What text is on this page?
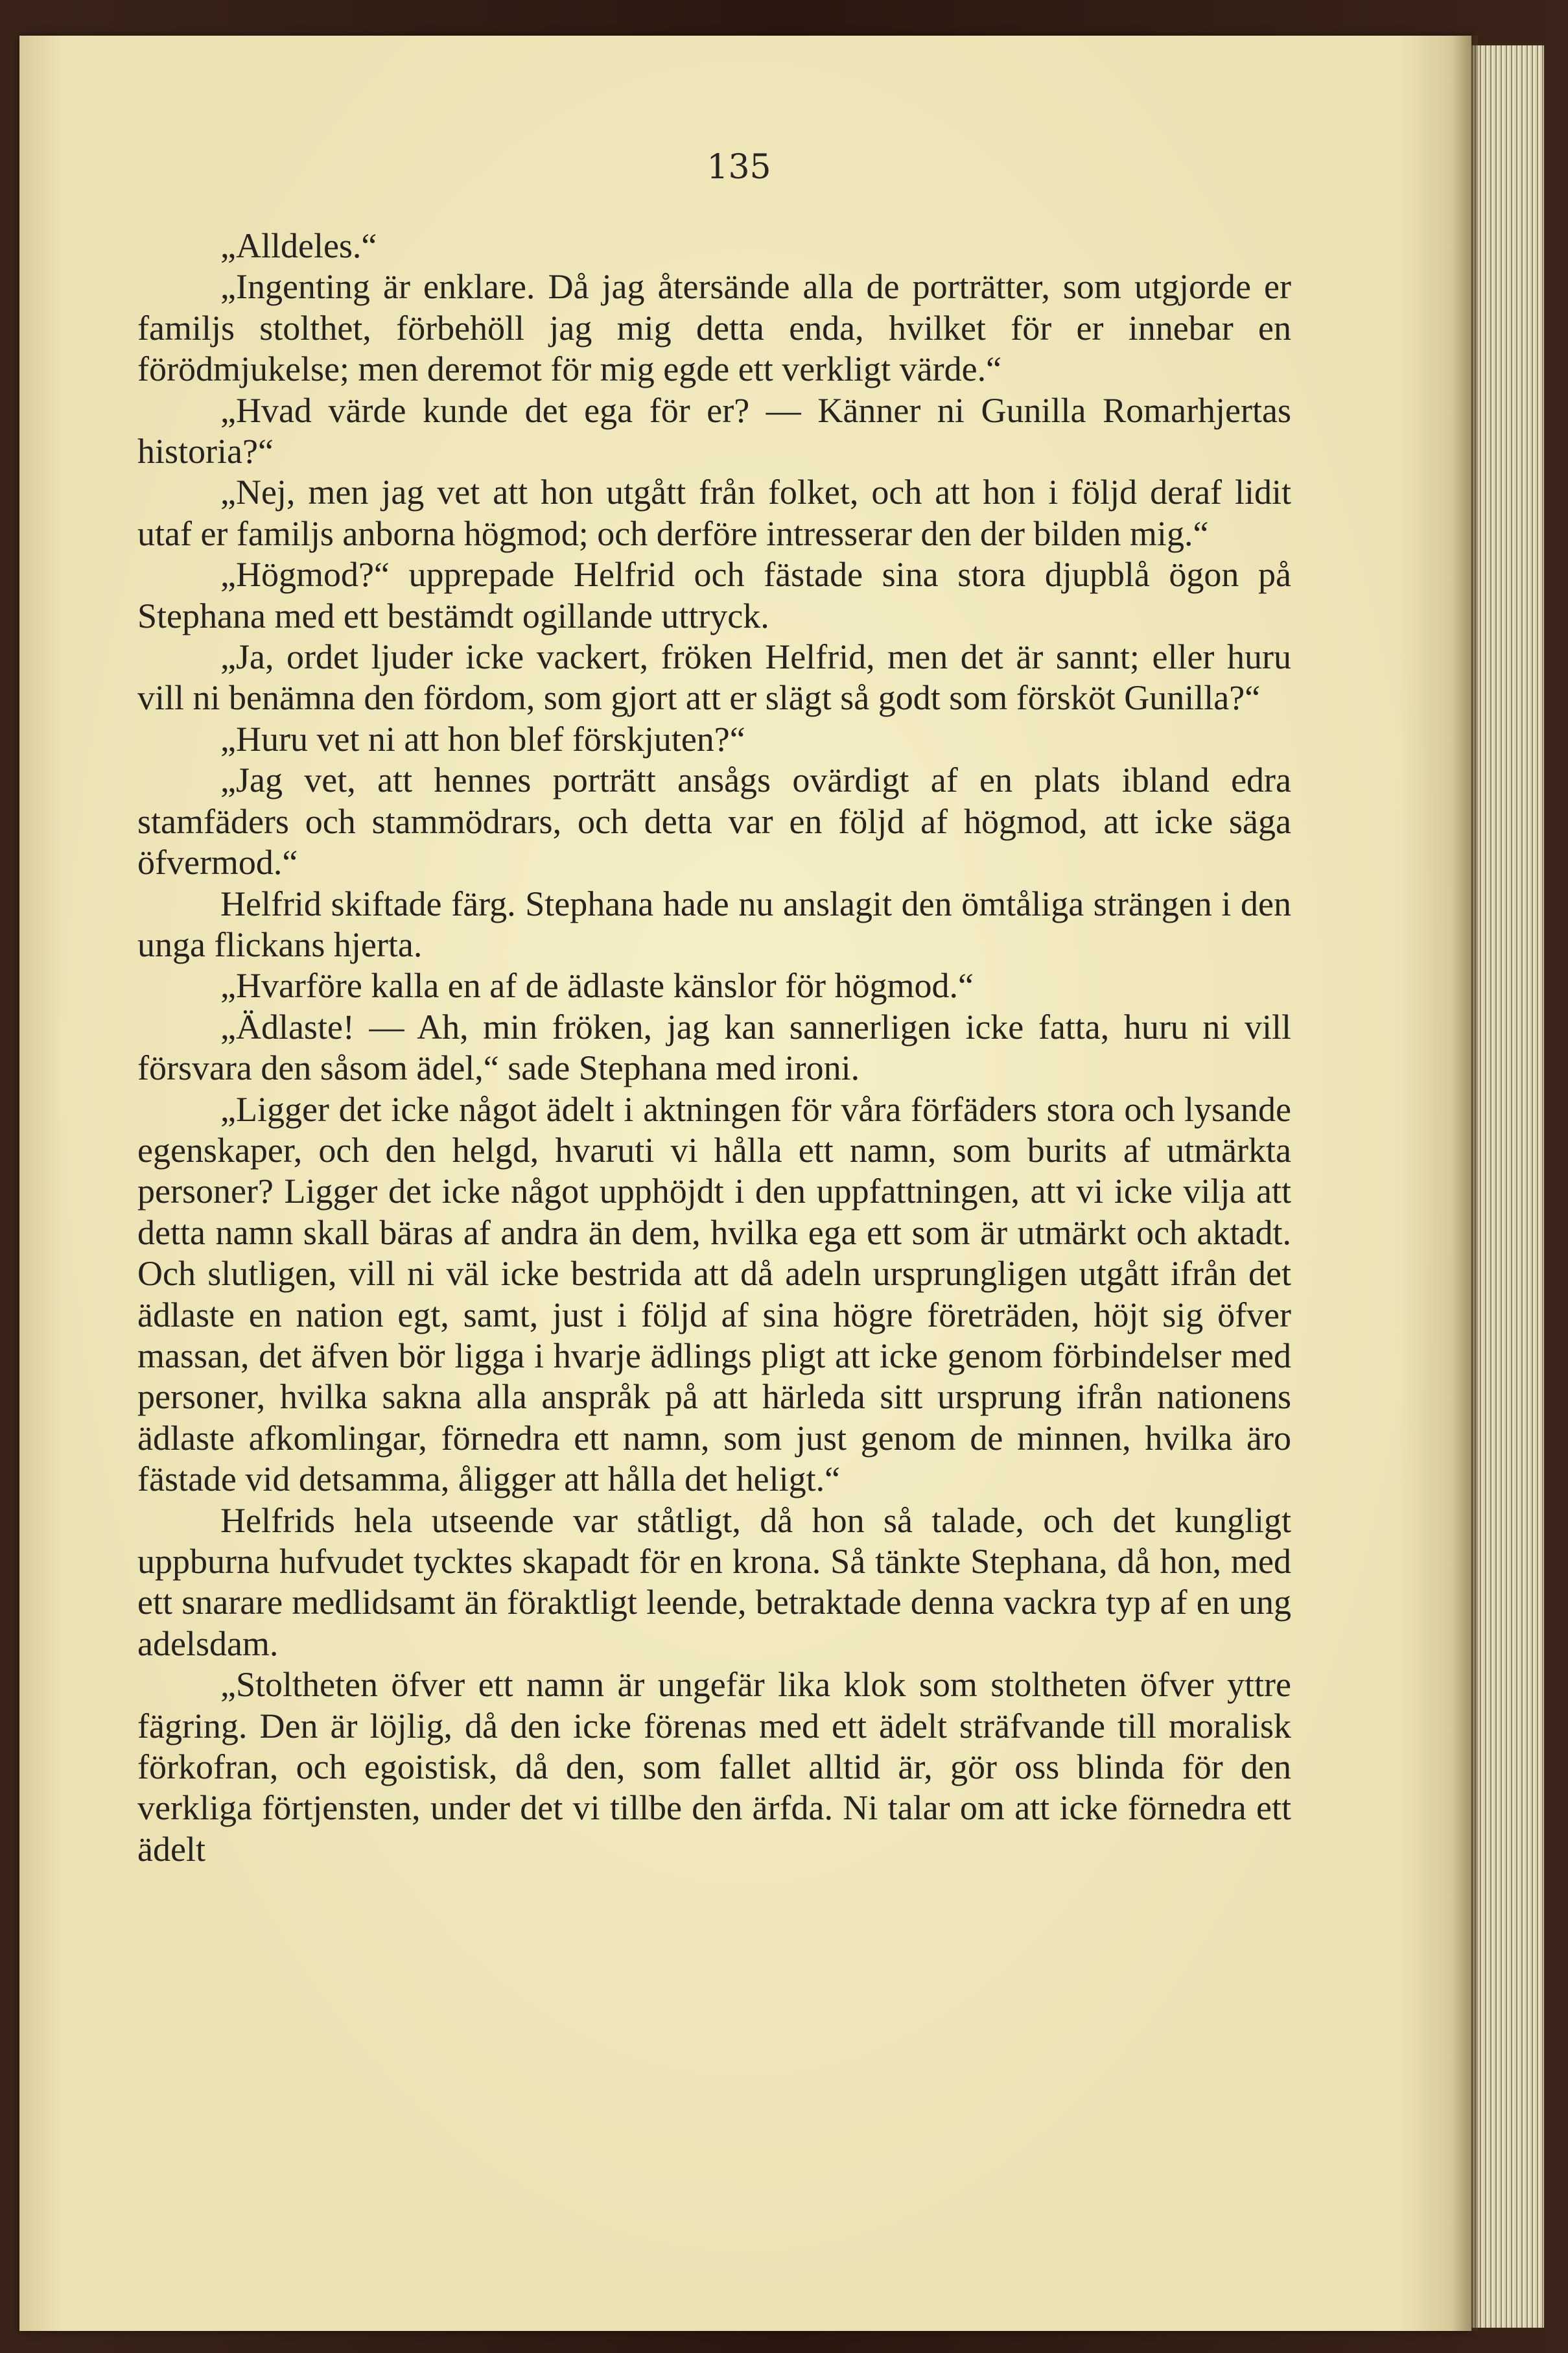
135

„Alldeles.“

„Ingenting är enklare. Då jag återsände alla de porträtter, som utgjorde er familjs stolthet, förbehöll jag mig detta enda, hvilket för er innebar en förödmjukelse; men deremot för mig egde ett verkligt värde.“

„Hvad värde kunde det ega för er? — Känner ni Gunilla Romarhjertas historia?“

„Nej, men jag vet att hon utgått från folket, och att hon i följd deraf lidit utaf er familjs anborna högmod; och derföre intresserar den der bilden mig.“

„Högmod?“ upprepade Helfrid och fästade sina stora djupblå ögon på Stephana med ett bestämdt ogillande uttryck.

„Ja, ordet ljuder icke vackert, fröken Helfrid, men det är sannt; eller huru vill ni benämna den fördom, som gjort att er slägt så godt som försköt Gunilla?“

„Huru vet ni att hon blef förskjuten?“

„Jag vet, att hennes porträtt ansågs ovärdigt af en plats ibland edra stamfäders och stammödrars, och detta var en följd af högmod, att icke säga öfvermod.“

Helfrid skiftade färg. Stephana hade nu anslagit den ömtåliga strängen i den unga flickans hjerta.

„Hvarföre kalla en af de ädlaste känslor för högmod.“

„Ädlaste! — Ah, min fröken, jag kan sannerligen icke fatta, huru ni vill försvara den såsom ädel,“ sade Stephana med ironi.

„Ligger det icke något ädelt i aktningen för våra förfäders stora och lysande egenskaper, och den helgd, hvaruti vi hålla ett namn, som burits af utmärkta personer? Ligger det icke något upphöjdt i den uppfattningen, att vi icke vilja att detta namn skall bäras af andra än dem, hvilka ega ett som är utmärkt och aktadt. Och slutligen, vill ni väl icke bestrida att då adeln ursprungligen utgått ifrån det ädlaste en nation egt, samt, just i följd af sina högre företräden, höjt sig öfver massan, det äfven bör ligga i hvarje ädlings pligt att icke genom förbindelser med personer, hvilka sakna alla anspråk på att härleda sitt ursprung ifrån nationens ädlaste afkomlingar, förnedra ett namn, som just genom de minnen, hvilka äro fästade vid detsamma, åligger att hålla det heligt.“

Helfrids hela utseende var ståtligt, då hon så talade, och det kungligt uppburna hufvudet tycktes skapadt för en krona. Så tänkte Stephana, då hon, med ett snarare medlidsamt än föraktligt leende, betraktade denna vackra typ af en ung adelsdam.

„Stoltheten öfver ett namn är ungefär lika klok som stoltheten öfver yttre fägring. Den är löjlig, då den icke förenas med ett ädelt sträfvande till moralisk förkofran, och egoistisk, då den, som fallet alltid är, gör oss blinda för den verkliga förtjensten, under det vi tillbe den ärfda. Ni talar om att icke förnedra ett ädelt
